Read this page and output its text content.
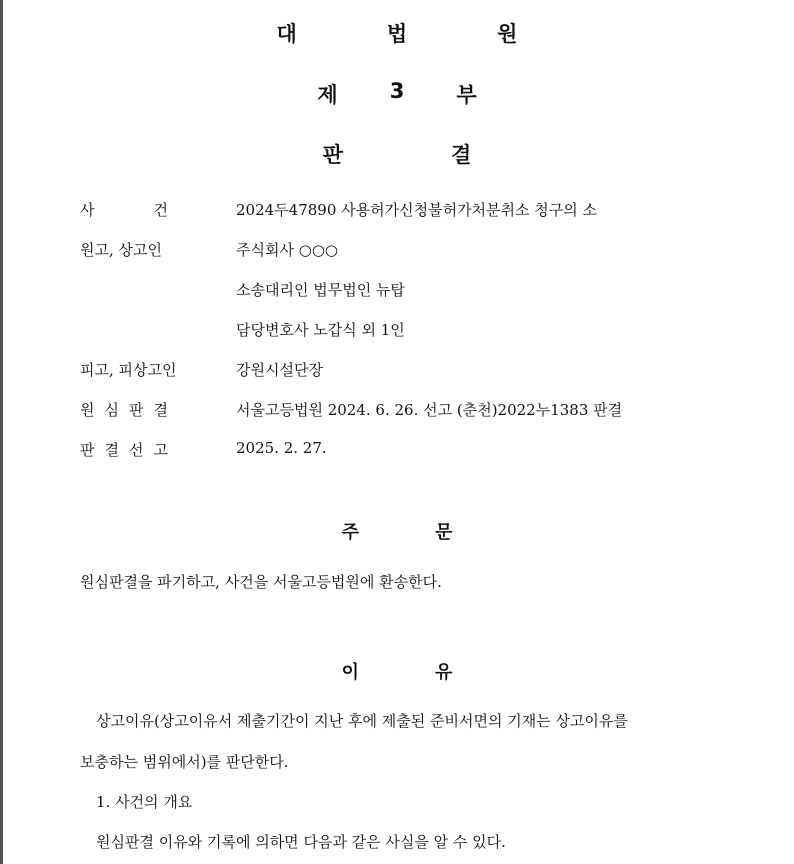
대	법	원
제 3 부
판	결
사	건	2024두47890 사용허가신청불허가처분취소 청구의 소
원고, 상고인	주식회사 ○○○
소송대리인 법무법인 뉴탑
담당변호사 노갑식 외 1인
피고, 피상고인	강원시설단장
원 심 판 결	서울고등법원 2024. 6. 26. 선고 (춘천)2022누1383 판결
판 결 선 고	2025. 2. 27.
주	문
원심판결을 파기하고, 사건을 서울고등법원에 환송한다.
이	유
상고이유(상고이유서 제출기간이 지난 후에 제출된 준비서면의 기재는 상고이유를
보충하는 범위에서)를 판단한다.
1. 사건의 개요
원심판결 이유와 기록에 의하면 다음과 같은 사실을 알 수 있다.
